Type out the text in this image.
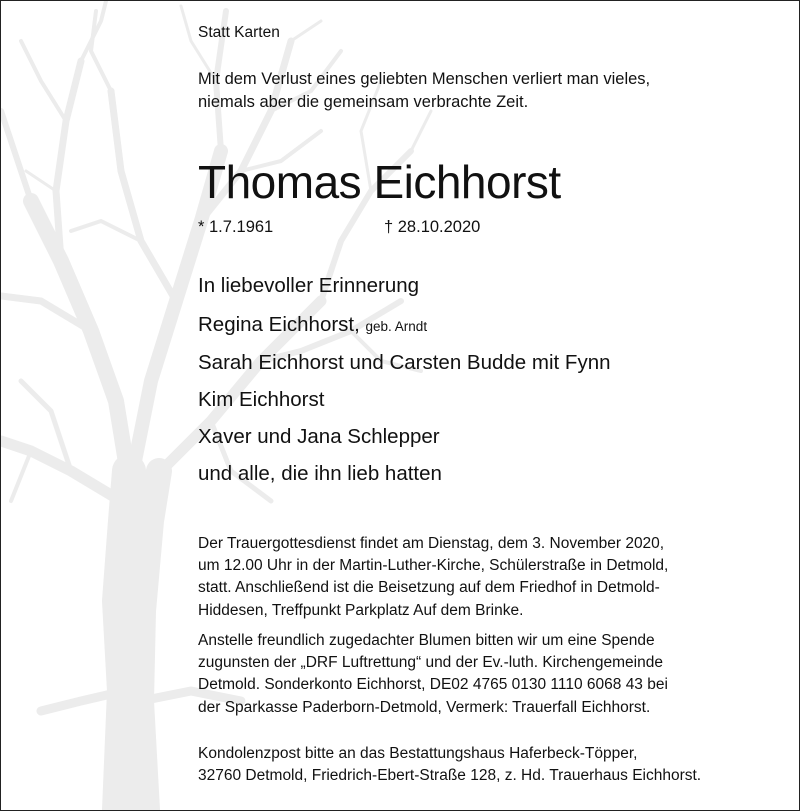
Statt Karten
Mit dem Verlust eines geliebten Menschen verliert man vieles,
niemals aber die gemeinsam verbrachte Zeit.
Thomas Eichhorst
* 1.7.1961	† 28.10.2020
In liebevoller Erinnerung
Regina Eichhorst, geb. Arndt
Sarah Eichhorst und Carsten Budde mit Fynn
Kim Eichhorst
Xaver und Jana Schlepper
und alle, die ihn lieb hatten
Der Trauergottesdienst findet am Dienstag, dem 3. November 2020,
um 12.00 Uhr in der Martin-Luther-Kirche, Schülerstraße in Detmold,
statt. Anschließend ist die Beisetzung auf dem Friedhof in Detmold-
Hiddesen, Treffpunkt Parkplatz Auf dem Brinke.
Anstelle freundlich zugedachter Blumen bitten wir um eine Spende
zugunsten der „DRF Luftrettung“ und der Ev.-luth. Kirchengemeinde
Detmold. Sonderkonto Eichhorst, DE02 4765 0130 1110 6068 43 bei
der Sparkasse Paderborn-Detmold, Vermerk: Trauerfall Eichhorst.
Kondolenzpost bitte an das Bestattungshaus Haferbeck-Töpper,
32760 Detmold, Friedrich-Ebert-Straße 128, z. Hd. Trauerhaus Eichhorst.
